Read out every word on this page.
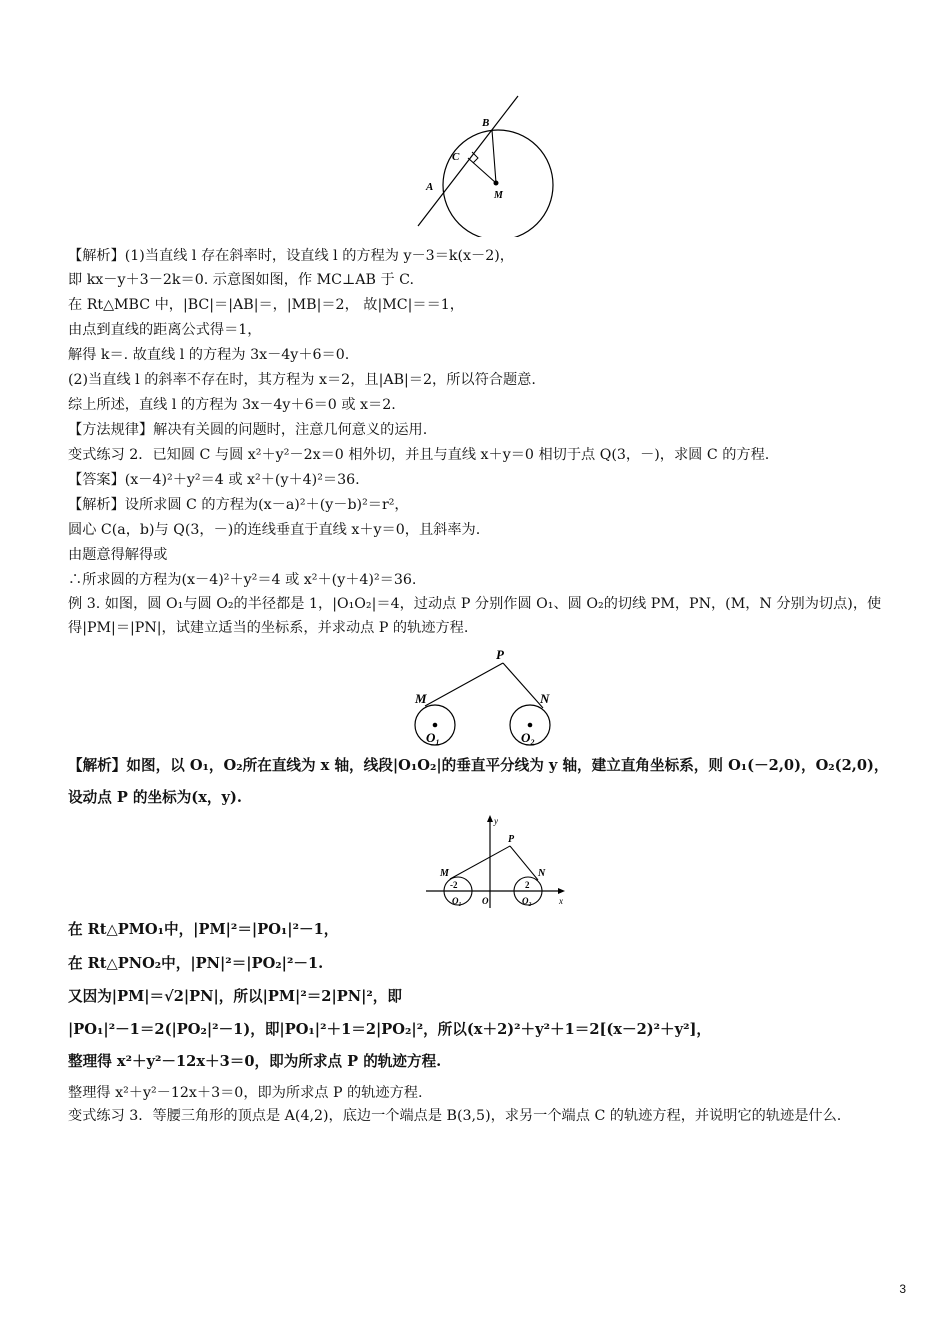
B
C
A
M
【解析】(1)当直线 l 存在斜率时，设直线 l 的方程为 y－3＝k(x－2)，
即 kx－y＋3－2k＝0. 示意图如图，作 MC⊥AB 于 C.
在 Rt△MBC 中，|BC|＝|AB|＝，|MB|＝2， 故|MC|＝＝1，
由点到直线的距离公式得＝1，
解得 k＝. 故直线 l 的方程为 3x－4y＋6＝0.
(2)当直线 l 的斜率不存在时，其方程为 x＝2，且|AB|＝2，所以符合题意.
综上所述，直线 l 的方程为 3x－4y＋6＝0 或 x＝2.
【方法规律】解决有关圆的问题时，注意几何意义的运用.
变式练习 2．已知圆 C 与圆 x²＋y²－2x＝0 相外切，并且与直线 x＋y＝0 相切于点 Q(3，－)，求圆 C 的方程.
【答案】(x－4)²＋y²＝4 或 x²＋(y＋4)²＝36.
【解析】设所求圆 C 的方程为(x－a)²＋(y－b)²＝r²，
圆心 C(a，b)与 Q(3，－)的连线垂直于直线 x＋y＝0，且斜率为.
由题意得解得或
∴所求圆的方程为(x－4)²＋y²＝4 或 x²＋(y＋4)²＝36.
例 3. 如图，圆 O₁与圆 O₂的半径都是 1，|O₁O₂|＝4，过动点 P 分别作圆 O₁、圆 O₂的切线 PM，PN，(M，N 分别为切点)，使得|PM|＝|PN|，试建立适当的坐标系，并求动点 P 的轨迹方程.
P
M	N
O₁	O₂
【解析】如图，以 O₁，O₂所在直线为 x 轴，线段|O₁O₂|的垂直平分线为 y 轴，建立直角坐标系，则 O₁(－2,0)，O₂(2,0)，
设动点 P 的坐标为(x，y).
y
x
P
M	N
-2	2
O
O₁	O₂
在 Rt△PMO₁中，|PM|²＝|PO₁|²－1，
在 Rt△PNO₂中，|PN|²＝|PO₂|²－1.
又因为|PM|＝√2|PN|，所以|PM|²＝2|PN|²，即
|PO₁|²－1＝2(|PO₂|²－1)，即|PO₁|²＋1＝2|PO₂|²，所以(x＋2)²＋y²＋1＝2[(x－2)²＋y²]，
整理得 x²＋y²－12x＋3＝0，即为所求点 P 的轨迹方程.
整理得 x²＋y²－12x＋3＝0，即为所求点 P 的轨迹方程.
变式练习 3．等腰三角形的顶点是 A(4,2)，底边一个端点是 B(3,5)，求另一个端点 C 的轨迹方程，并说明它的轨迹是什么.
3
